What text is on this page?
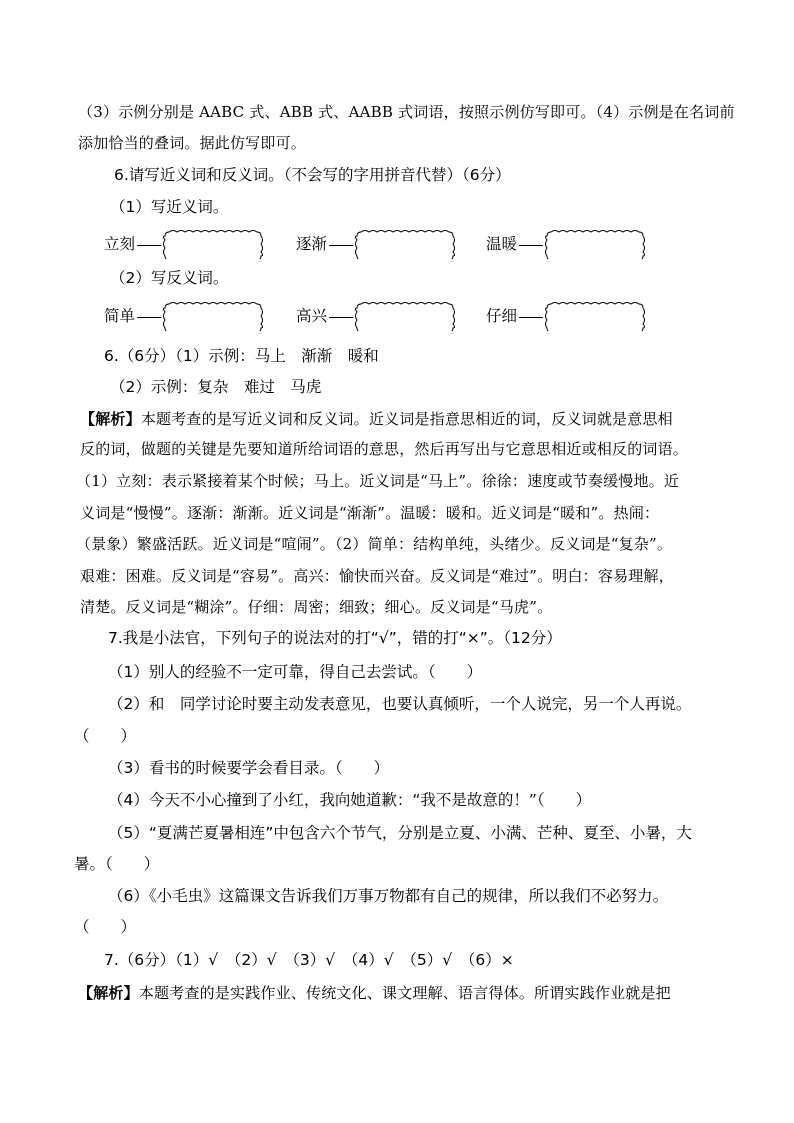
（3）示例分别是 AABC 式、ABB 式、AABB 式词语，按照示例仿写即可。（4）示例是在名词前
添加恰当的叠词。据此仿写即可。
6.请写近义词和反义词。（不会写的字用拼音代替）（6分）
（1）写近义词。
立刻	逐渐	温暖
（2）写反义词。
简单	高兴	仔细
6.（6分）（1）示例：马上　渐渐　暖和
（2）示例：复杂　难过　马虎
【解析】本题考查的是写近义词和反义词。近义词是指意思相近的词，反义词就是意思相
反的词，做题的关键是先要知道所给词语的意思，然后再写出与它意思相近或相反的词语。
（1）立刻：表示紧接着某个时候；马上。近义词是“马上”。徐徐：速度或节奏缓慢地。近
义词是“慢慢”。逐渐：渐渐。近义词是“渐渐”。温暖：暖和。近义词是“暖和”。热闹：
（景象）繁盛活跃。近义词是“喧闹”。（2）简单：结构单纯，头绪少。反义词是“复杂”。
艰难：困难。反义词是“容易”。高兴：愉快而兴奋。反义词是“难过”。明白：容易理解，
清楚。反义词是“糊涂”。仔细：周密；细致；细心。反义词是“马虎”。
7.我是小法官，下列句子的说法对的打“√”，错的打“×”。（12分）
（1）别人的经验不一定可靠，得自己去尝试。（　　）
（2）和　同学讨论时要主动发表意见，也要认真倾听，一个人说完，另一个人再说。
（　　）
（3）看书的时候要学会看目录。（　　）
（4）今天不小心撞到了小红，我向她道歉：“我不是故意的！”（　　）
（5）“夏满芒夏暑相连”中包含六个节气，分别是立夏、小满、芒种、夏至、小暑，大
暑。（　　）
（6）《小毛虫》这篇课文告诉我们万事万物都有自己的规律，所以我们不必努力。
（　　）
7.（6分）（1）√　（2）√　（3）√　（4）√　（5）√　（6）×
【解析】本题考查的是实践作业、传统文化、课文理解、语言得体。所谓实践作业就是把
